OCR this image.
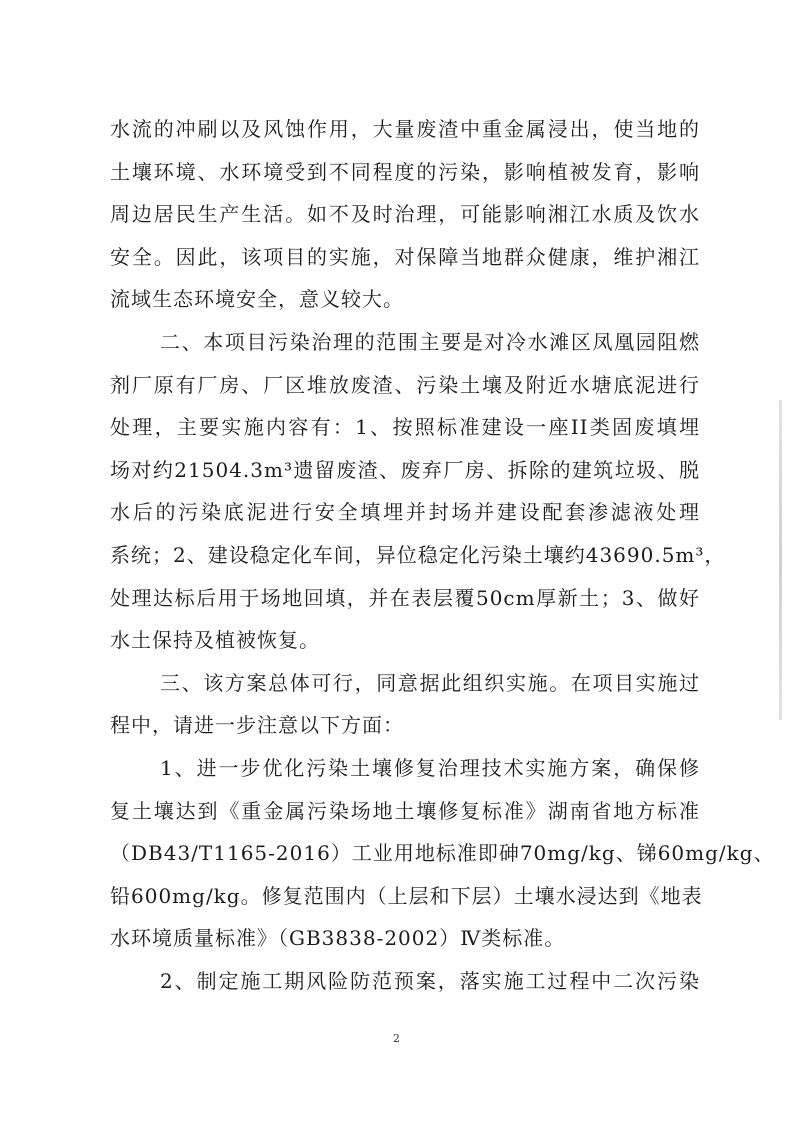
水流的冲刷以及风蚀作用，大量废渣中重金属浸出，使当地的
土壤环境、水环境受到不同程度的污染，影响植被发育，影响
周边居民生产生活。如不及时治理，可能影响湘江水质及饮水
安全。因此，该项目的实施，对保障当地群众健康，维护湘江
流域生态环境安全，意义较大。
二、本项目污染治理的范围主要是对冷水滩区凤凰园阻燃
剂厂原有厂房、厂区堆放废渣、污染土壤及附近水塘底泥进行
处理，主要实施内容有：1、按照标准建设一座II类固废填埋
场对约21504.3m³遗留废渣、废弃厂房、拆除的建筑垃圾、脱
水后的污染底泥进行安全填埋并封场并建设配套渗滤液处理
系统；2、建设稳定化车间，异位稳定化污染土壤约43690.5m³，
处理达标后用于场地回填，并在表层覆50cm厚新土；3、做好
水土保持及植被恢复。
三、该方案总体可行，同意据此组织实施。在项目实施过
程中，请进一步注意以下方面：
1、进一步优化污染土壤修复治理技术实施方案，确保修
复土壤达到《重金属污染场地土壤修复标准》湖南省地方标准
（DB43/T1165-2016）工业用地标准即砷70mg/kg、锑60mg/kg、
铅600mg/kg。修复范围内（上层和下层）土壤水浸达到《地表
水环境质量标准》（GB3838-2002）Ⅳ类标准。
2、制定施工期风险防范预案，落实施工过程中二次污染
2
